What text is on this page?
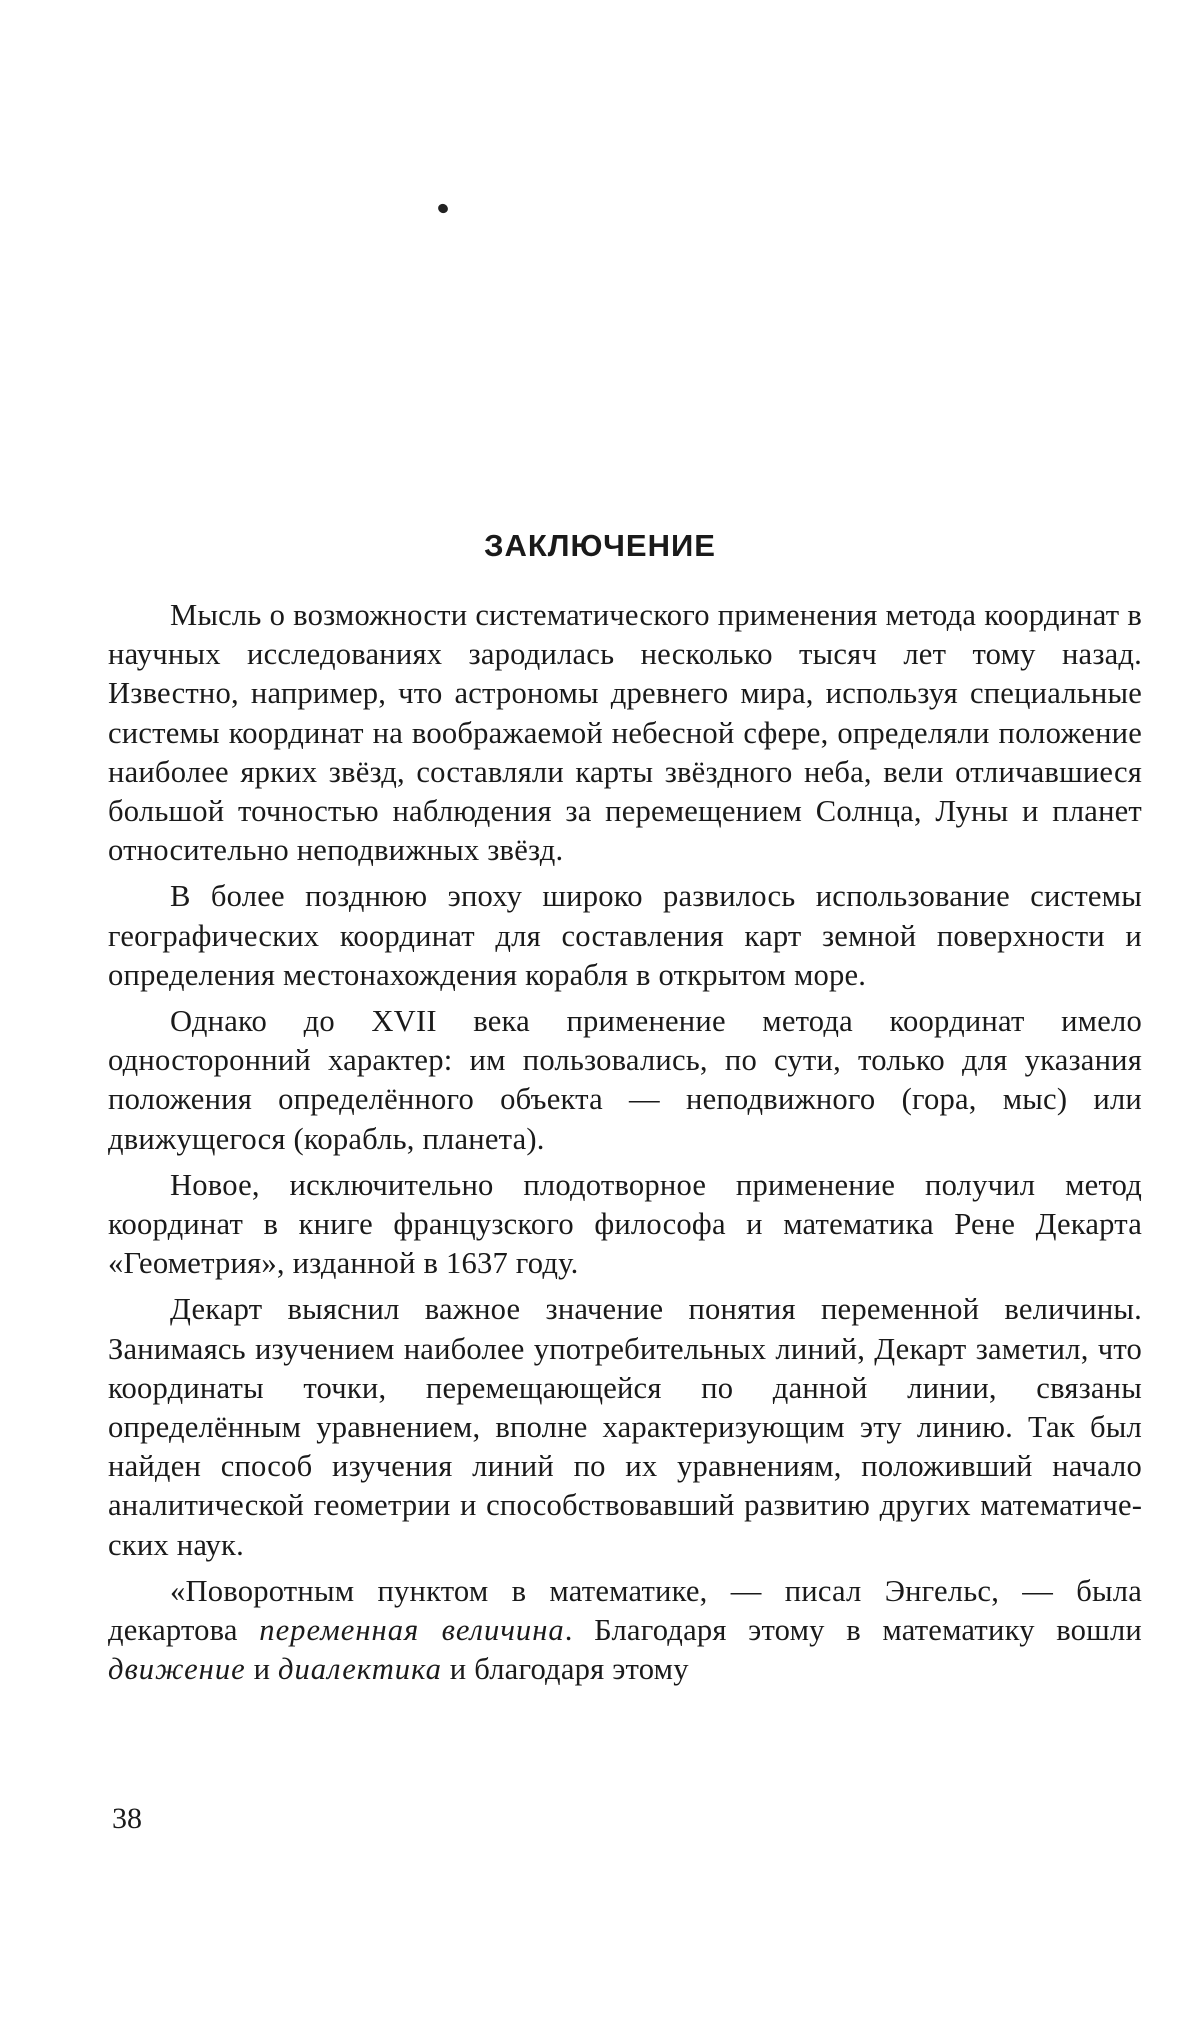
ЗАКЛЮЧЕНИЕ

Мысль о возможности систематического применения метода координат в научных исследованиях зародилась несколько тысяч лет тому назад. Известно, например, что астрономы древнего мира, используя специальные системы координат на воображаемой небесной сфере, определяли положение наиболее ярких звёзд, составляли карты звёздного неба, вели отличавшиеся большой точностью наблюдения за перемещением Солнца, Луны и планет относительно неподвижных звёзд.

В более позднюю эпоху широко развилось использование системы географических координат для составления карт земной поверхности и определения местонахождения корабля в открытом море.

Однако до XVII века применение метода координат имело односторонний характер: им пользовались, по сути, только для указания положения определённого объекта — неподвижного (гора, мыс) или движущегося (корабль, планета).

Новое, исключительно плодотворное применение получил метод координат в книге французского философа и математика Рене Декарта «Геометрия», изданной в 1637 году.

Декарт выяснил важное значение понятия переменной величины. Занимаясь изучением наиболее употребительных линий, Декарт заметил, что координаты точки, перемещающейся по данной линии, связаны определённым уравнением, вполне характеризующим эту линию. Так был найден способ изучения линий по их уравнениям, положивший начало аналитической геометрии и способствовавший развитию других математических наук.

«Поворотным пунктом в математике, — писал Энгельс, — была декартова переменная величина. Благодаря этому в математику вошли движение и диалектика и благодаря этому

38
